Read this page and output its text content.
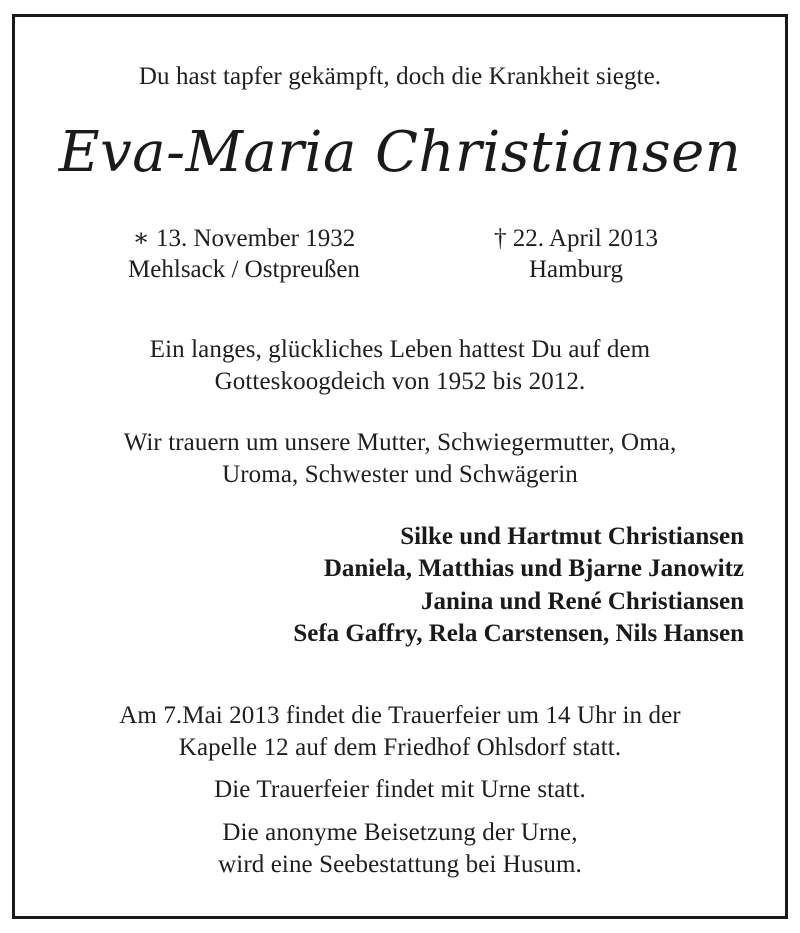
Du hast tapfer gekämpft, doch die Krankheit siegte.
Eva-Maria Christiansen
∗ 13. November 1932
Mehlsack / Ostpreußen
† 22. April 2013
Hamburg
Ein langes, glückliches Leben hattest Du auf dem
Gotteskoogdeich von 1952 bis 2012.
Wir trauern um unsere Mutter, Schwiegermutter, Oma,
Uroma, Schwester und Schwägerin
Silke und Hartmut Christiansen
Daniela, Matthias und Bjarne Janowitz
Janina und René Christiansen
Sefa Gaffry, Rela Carstensen, Nils Hansen
Am 7.Mai 2013 findet die Trauerfeier um 14 Uhr in der
Kapelle 12 auf dem Friedhof Ohlsdorf statt.
Die Trauerfeier findet mit Urne statt.
Die anonyme Beisetzung der Urne,
wird eine Seebestattung bei Husum.
